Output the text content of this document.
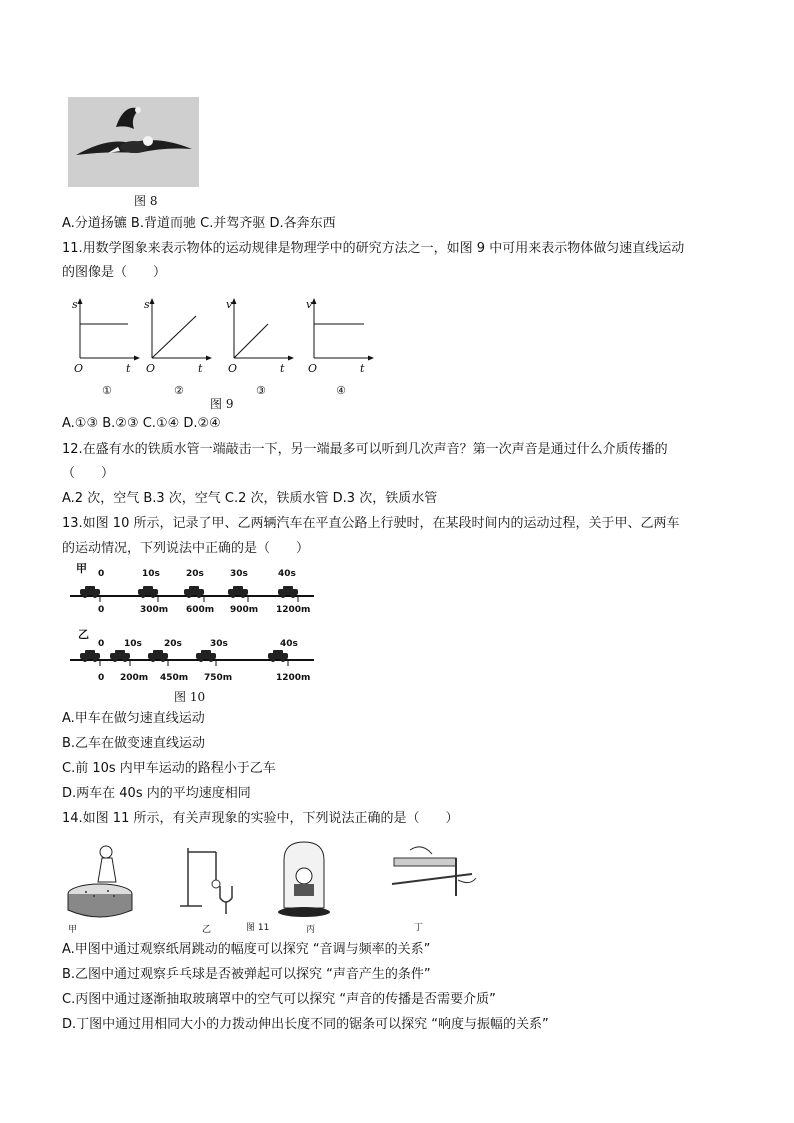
图 8
A.分道扬镳 B.背道而驰 C.并驾齐驱 D.各奔东西
11.用数学图象来表示物体的运动规律是物理学中的研究方法之一，如图 9 中可用来表示物体做匀速直线运动
的图像是（　　）
s
O	t
①
s
O	t
②
v
O	t
③
v
O	t
④
图 9
A.①③ B.②③ C.①④ D.②④
12.在盛有水的铁质水管一端敲击一下，另一端最多可以听到几次声音？第一次声音是通过什么介质传播的
（　　）
A.2 次，空气 B.3 次，空气 C.2 次，铁质水管 D.3 次，铁质水管
13.如图 10 所示，记录了甲、乙两辆汽车在平直公路上行驶时，在某段时间内的运动过程，关于甲、乙两车
的运动情况，下列说法中正确的是（　　）
甲 0	10s	20s	30s	40s
0	300m 600m 900m 1200m
乙
0 10s 20s	30s	40s
0 200m 450m 750m	1200m
图 10
A.甲车在做匀速直线运动
B.乙车在做变速直线运动
C.前 10s 内甲车运动的路程小于乙车
D.两车在 40s 内的平均速度相同
14.如图 11 所示，有关声现象的实验中，下列说法正确的是（　　）
甲	乙	图 11	丙	丁
A.甲图中通过观察纸屑跳动的幅度可以探究 “音调与频率的关系”
B.乙图中通过观察乒乓球是否被弹起可以探究 “声音产生的条件”
C.丙图中通过逐渐抽取玻璃罩中的空气可以探究 “声音的传播是否需要介质”
D.丁图中通过用相同大小的力拨动伸出长度不同的锯条可以探究 “响度与振幅的关系”
